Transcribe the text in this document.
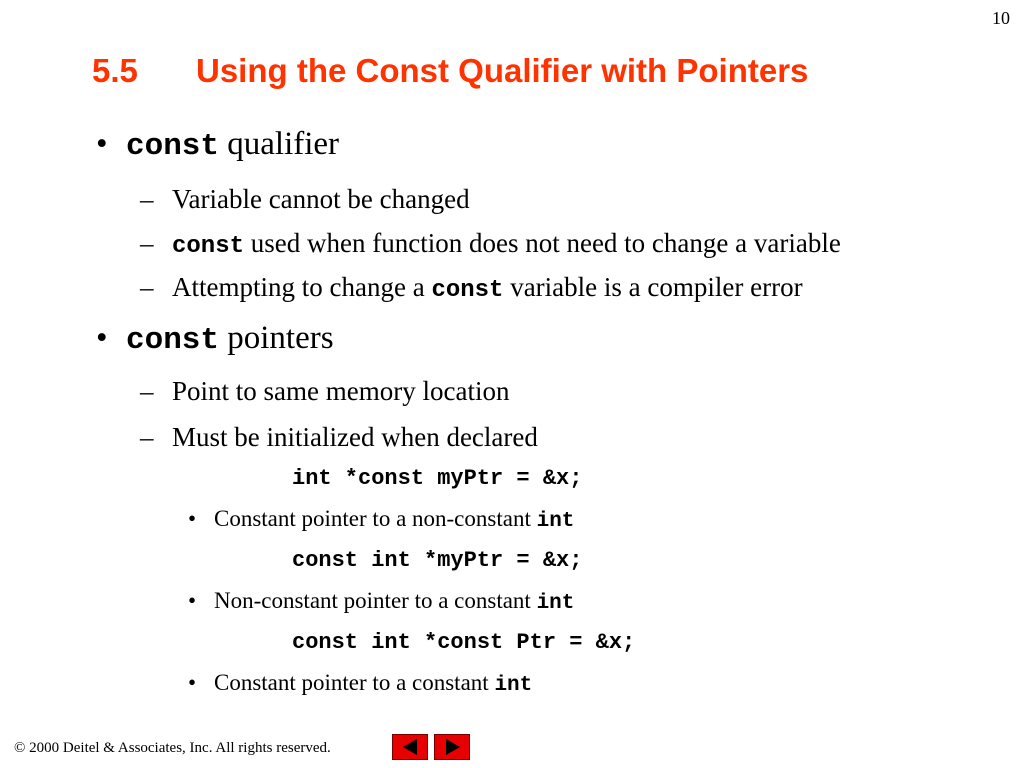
10
5.5 Using the Const Qualifier with Pointers
• const qualifier
– Variable cannot be changed
– const used when function does not need to change a variable
– Attempting to change a const variable is a compiler error
• const pointers
– Point to same memory location
– Must be initialized when declared
int *const myPtr = &x;
• Constant pointer to a non-constant int
const int *myPtr = &x;
• Non-constant pointer to a constant int
const int *const Ptr = &x;
• Constant pointer to a constant int
© 2000 Deitel & Associates, Inc. All rights reserved.
